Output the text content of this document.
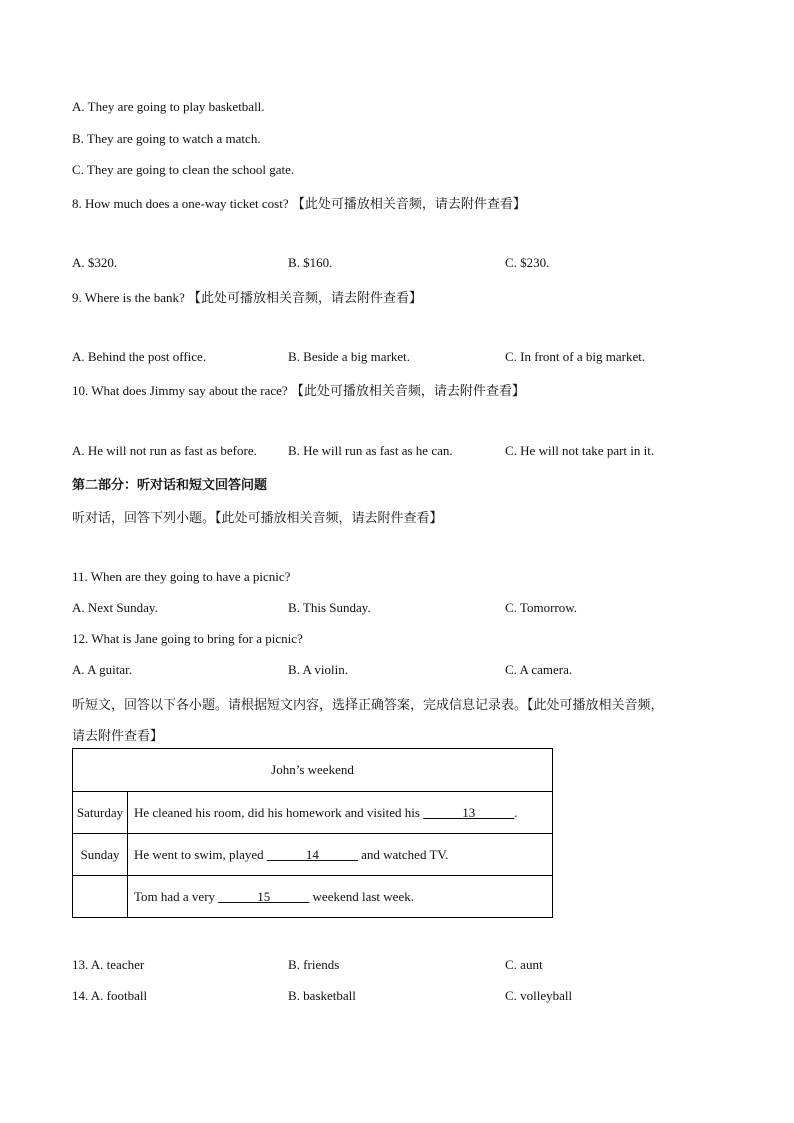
A. They are going to play basketball.
B. They are going to watch a match.
C. They are going to clean the school gate.
8. How much does a one-way ticket cost? 【此处可播放相关音频，请去附件查看】
A. $320.	B. $160.	C. $230.
9. Where is the bank? 【此处可播放相关音频，请去附件查看】
A. Behind the post office.	B. Beside a big market.	C. In front of a big market.
10. What does Jimmy say about the race? 【此处可播放相关音频，请去附件查看】
A. He will not run as fast as before. B. He will run as fast as he can.	C. He will not take part in it.
第二部分：听对话和短文回答问题
听对话，回答下列小题。【此处可播放相关音频，请去附件查看】
11. When are they going to have a picnic?
A. Next Sunday.	B. This Sunday.	C. Tomorrow.
12. What is Jane going to bring for a picnic?
A. A guitar.	B. A violin.	C. A camera.
听短文，回答以下各小题。请根据短文内容，选择正确答案，完成信息记录表。【此处可播放相关音频，
请去附件查看】
John’s weekend	
Saturday	He cleaned his room, did his homework and visited his ______13______.
Sunday	He went to swim, played ______14______ and watched TV.
	Tom had a very ______15______ weekend last week.
13. A. teacher	B. friends	C. aunt
14. A. football	B. basketball	C. volleyball
